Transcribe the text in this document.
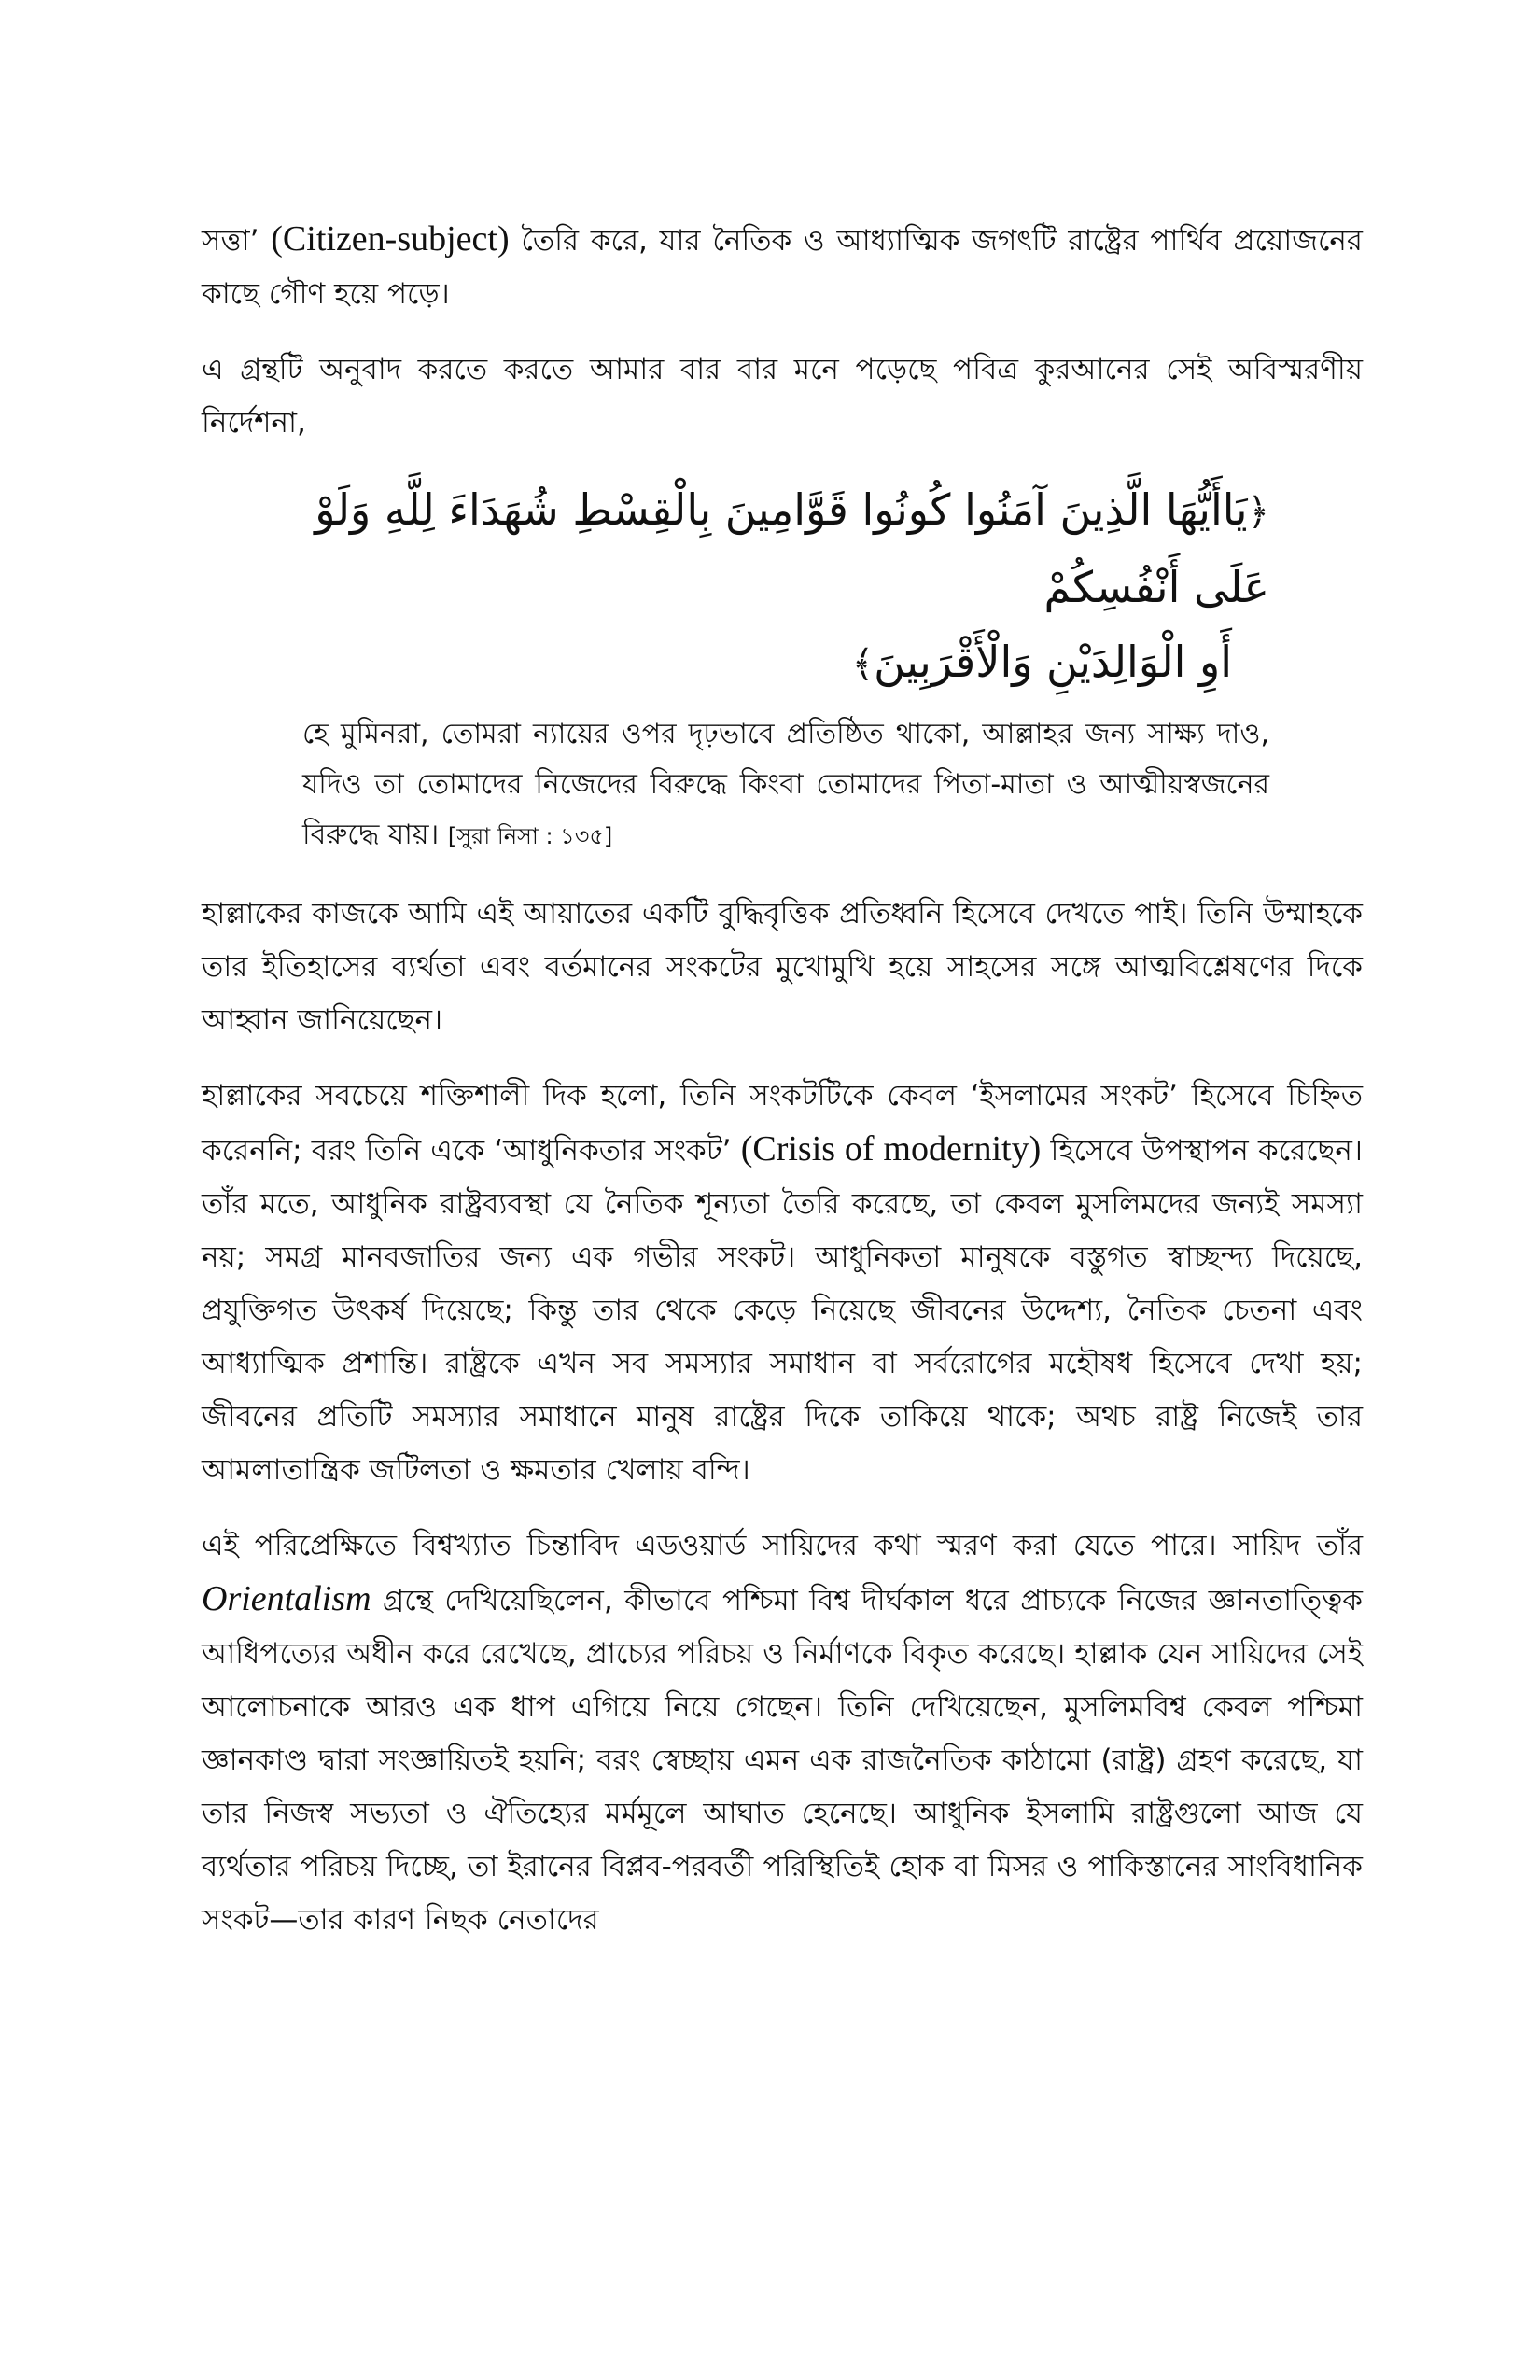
সত্তা’ (Citizen-subject) তৈরি করে, যার নৈতিক ও আধ্যাত্মিক জগৎটি রাষ্ট্রের পার্থিব প্রয়োজনের কাছে গৌণ হয়ে পড়ে।

এ গ্রন্থটি অনুবাদ করতে করতে আমার বার বার মনে পড়েছে পবিত্র কুরআনের সেই অবিস্মরণীয় নির্দেশনা,

﴿يَاأَيُّهَا الَّذِينَ آمَنُوا كُونُوا قَوَّامِينَ بِالْقِسْطِ شُهَدَاءَ لِلَّهِ وَلَوْ عَلَى أَنْفُسِكُمْ

أَوِ الْوَالِدَيْنِ وَالْأَقْرَبِينَ﴾

হে মুমিনরা, তোমরা ন্যায়ের ওপর দৃঢ়ভাবে প্রতিষ্ঠিত থাকো, আল্লাহর জন্য সাক্ষ্য দাও, যদিও তা তোমাদের নিজেদের বিরুদ্ধে কিংবা তোমাদের পিতা-মাতা ও আত্মীয়স্বজনের বিরুদ্ধে যায়। [সুরা নিসা : ১৩৫]

হাল্লাকের কাজকে আমি এই আয়াতের একটি বুদ্ধিবৃত্তিক প্রতিধ্বনি হিসেবে দেখতে পাই। তিনি উম্মাহকে তার ইতিহাসের ব্যর্থতা এবং বর্তমানের সংকটের মুখোমুখি হয়ে সাহসের সঙ্গে আত্মবিশ্লেষণের দিকে আহ্বান জানিয়েছেন।

হাল্লাকের সবচেয়ে শক্তিশালী দিক হলো, তিনি সংকটটিকে কেবল ‘ইসলামের সংকট’ হিসেবে চিহ্নিত করেননি; বরং তিনি একে ‘আধুনিকতার সংকট’ (Crisis of modernity) হিসেবে উপস্থাপন করেছেন। তাঁর মতে, আধুনিক রাষ্ট্রব্যবস্থা যে নৈতিক শূন্যতা তৈরি করেছে, তা কেবল মুসলিমদের জন্যই সমস্যা নয়; সমগ্র মানবজাতির জন্য এক গভীর সংকট। আধুনিকতা মানুষকে বস্তুগত স্বাচ্ছন্দ্য দিয়েছে, প্রযুক্তিগত উৎকর্ষ দিয়েছে; কিন্তু তার থেকে কেড়ে নিয়েছে জীবনের উদ্দেশ্য, নৈতিক চেতনা এবং আধ্যাত্মিক প্রশান্তি। রাষ্ট্রকে এখন সব সমস্যার সমাধান বা সর্বরোগের মহৌষধ হিসেবে দেখা হয়; জীবনের প্রতিটি সমস্যার সমাধানে মানুষ রাষ্ট্রের দিকে তাকিয়ে থাকে; অথচ রাষ্ট্র নিজেই তার আমলাতান্ত্রিক জটিলতা ও ক্ষমতার খেলায় বন্দি।

এই পরিপ্রেক্ষিতে বিশ্বখ্যাত চিন্তাবিদ এডওয়ার্ড সায়িদের কথা স্মরণ করা যেতে পারে। সায়িদ তাঁর Orientalism গ্রন্থে দেখিয়েছিলেন, কীভাবে পশ্চিমা বিশ্ব দীর্ঘকাল ধরে প্রাচ্যকে নিজের জ্ঞানতাত্ত্বিক আধিপত্যের অধীন করে রেখেছে, প্রাচ্যের পরিচয় ও নির্মাণকে বিকৃত করেছে। হাল্লাক যেন সায়িদের সেই আলোচনাকে আরও এক ধাপ এগিয়ে নিয়ে গেছেন। তিনি দেখিয়েছেন, মুসলিমবিশ্ব কেবল পশ্চিমা জ্ঞানকাণ্ড দ্বারা সংজ্ঞায়িতই হয়নি; বরং স্বেচ্ছায় এমন এক রাজনৈতিক কাঠামো (রাষ্ট্র) গ্রহণ করেছে, যা তার নিজস্ব সভ্যতা ও ঐতিহ্যের মর্মমূলে আঘাত হেনেছে। আধুনিক ইসলামি রাষ্ট্রগুলো আজ যে ব্যর্থতার পরিচয় দিচ্ছে, তা ইরানের বিপ্লব-পরবর্তী পরিস্থিতিই হোক বা মিসর ও পাকিস্তানের সাংবিধানিক সংকট—তার কারণ নিছক নেতাদের
